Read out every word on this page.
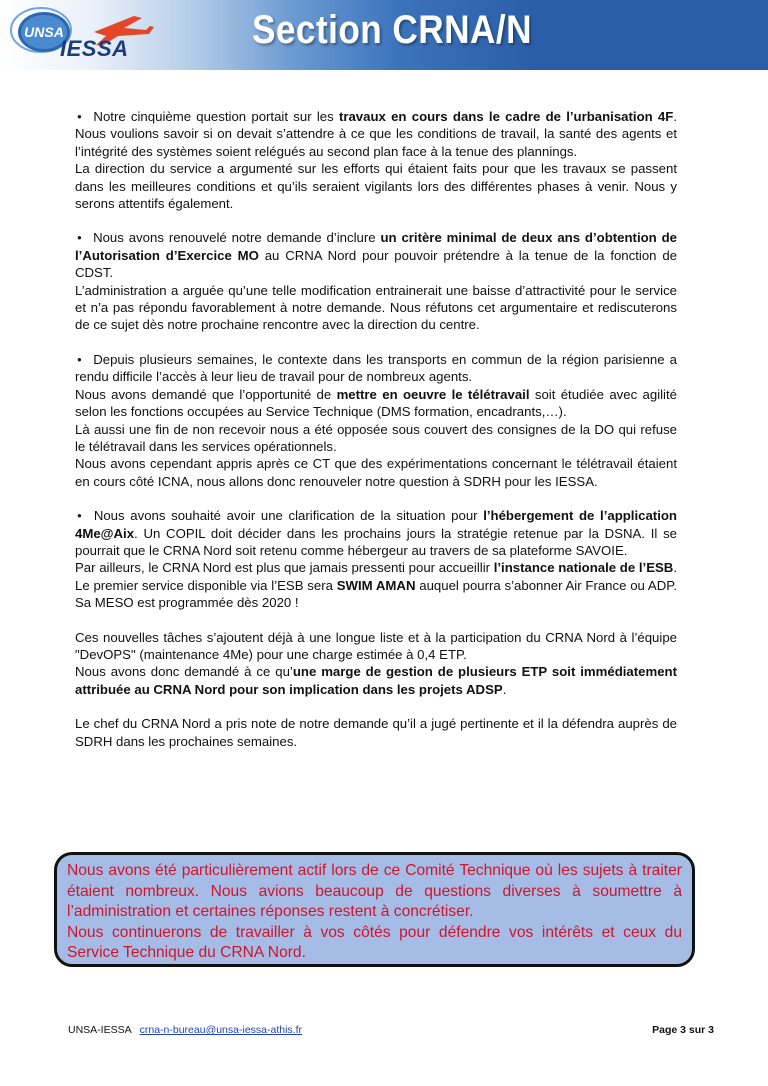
UNSA
IESSA	Section CRNA/N

● Notre cinquième question portait sur les travaux en cours dans le cadre de l’urbanisation 4F. Nous voulions savoir si on devait s’attendre à ce que les conditions de travail, la santé des agents et l’intégrité des systèmes soient relégués au second plan face à la tenue des plannings.

La direction du service a argumenté sur les efforts qui étaient faits pour que les travaux se passent dans les meilleures conditions et qu’ils seraient vigilants lors des différentes phases à venir. Nous y serons attentifs également.

● Nous avons renouvelé notre demande d’inclure un critère minimal de deux ans d’obtention de l’Autorisation d’Exercice MO au CRNA Nord pour pouvoir prétendre à la tenue de la fonction de CDST.

L’administration a arguée qu’une telle modification entrainerait une baisse d’attractivité pour le service et n’a pas répondu favorablement à notre demande. Nous réfutons cet argumentaire et rediscuterons de ce sujet dès notre prochaine rencontre avec la direction du centre.

● Depuis plusieurs semaines, le contexte dans les transports en commun de la région parisienne a rendu difficile l’accès à leur lieu de travail pour de nombreux agents.

Nous avons demandé que l’opportunité de mettre en oeuvre le télétravail soit étudiée avec agilité selon les fonctions occupées au Service Technique (DMS formation, encadrants,…).

Là aussi une fin de non recevoir nous a été opposée sous couvert des consignes de la DO qui refuse le télétravail dans les services opérationnels.

Nous avons cependant appris après ce CT que des expérimentations concernant le télétravail étaient en cours côté ICNA, nous allons donc renouveler notre question à SDRH pour les IESSA.

● Nous avons souhaité avoir une clarification de la situation pour l’hébergement de l’application 4Me@Aix. Un COPIL doit décider dans les prochains jours la stratégie retenue par la DSNA. Il se pourrait que le CRNA Nord soit retenu comme hébergeur au travers de sa plateforme SAVOIE.

Par ailleurs, le CRNA Nord est plus que jamais pressenti pour accueillir l’instance nationale de l’ESB. Le premier service disponible via l’ESB sera SWIM AMAN auquel pourra s’abonner Air France ou ADP. Sa MESO est programmée dès 2020 !

Ces nouvelles tâches s’ajoutent déjà à une longue liste et à la participation du CRNA Nord à l’équipe "DevOPS" (maintenance 4Me) pour une charge estimée à 0,4 ETP.

Nous avons donc demandé à ce qu’une marge de gestion de plusieurs ETP soit immédiatement attribuée au CRNA Nord pour son implication dans les projets ADSP.

Le chef du CRNA Nord a pris note de notre demande qu’il a jugé pertinente et il la défendra auprès de SDRH dans les prochaines semaines.

Nous avons été particulièrement actif lors de ce Comité Technique où les sujets à traiter étaient nombreux. Nous avions beaucoup de questions diverses à soumettre à l’administration et certaines réponses restent à concrétiser.
Nous continuerons de travailler à vos côtés pour défendre vos intérêts et ceux du Service Technique du CRNA Nord.
UNSA-IESSA crna-n-bureau@unsa-iessa-athis.fr	Page 3 sur 3
